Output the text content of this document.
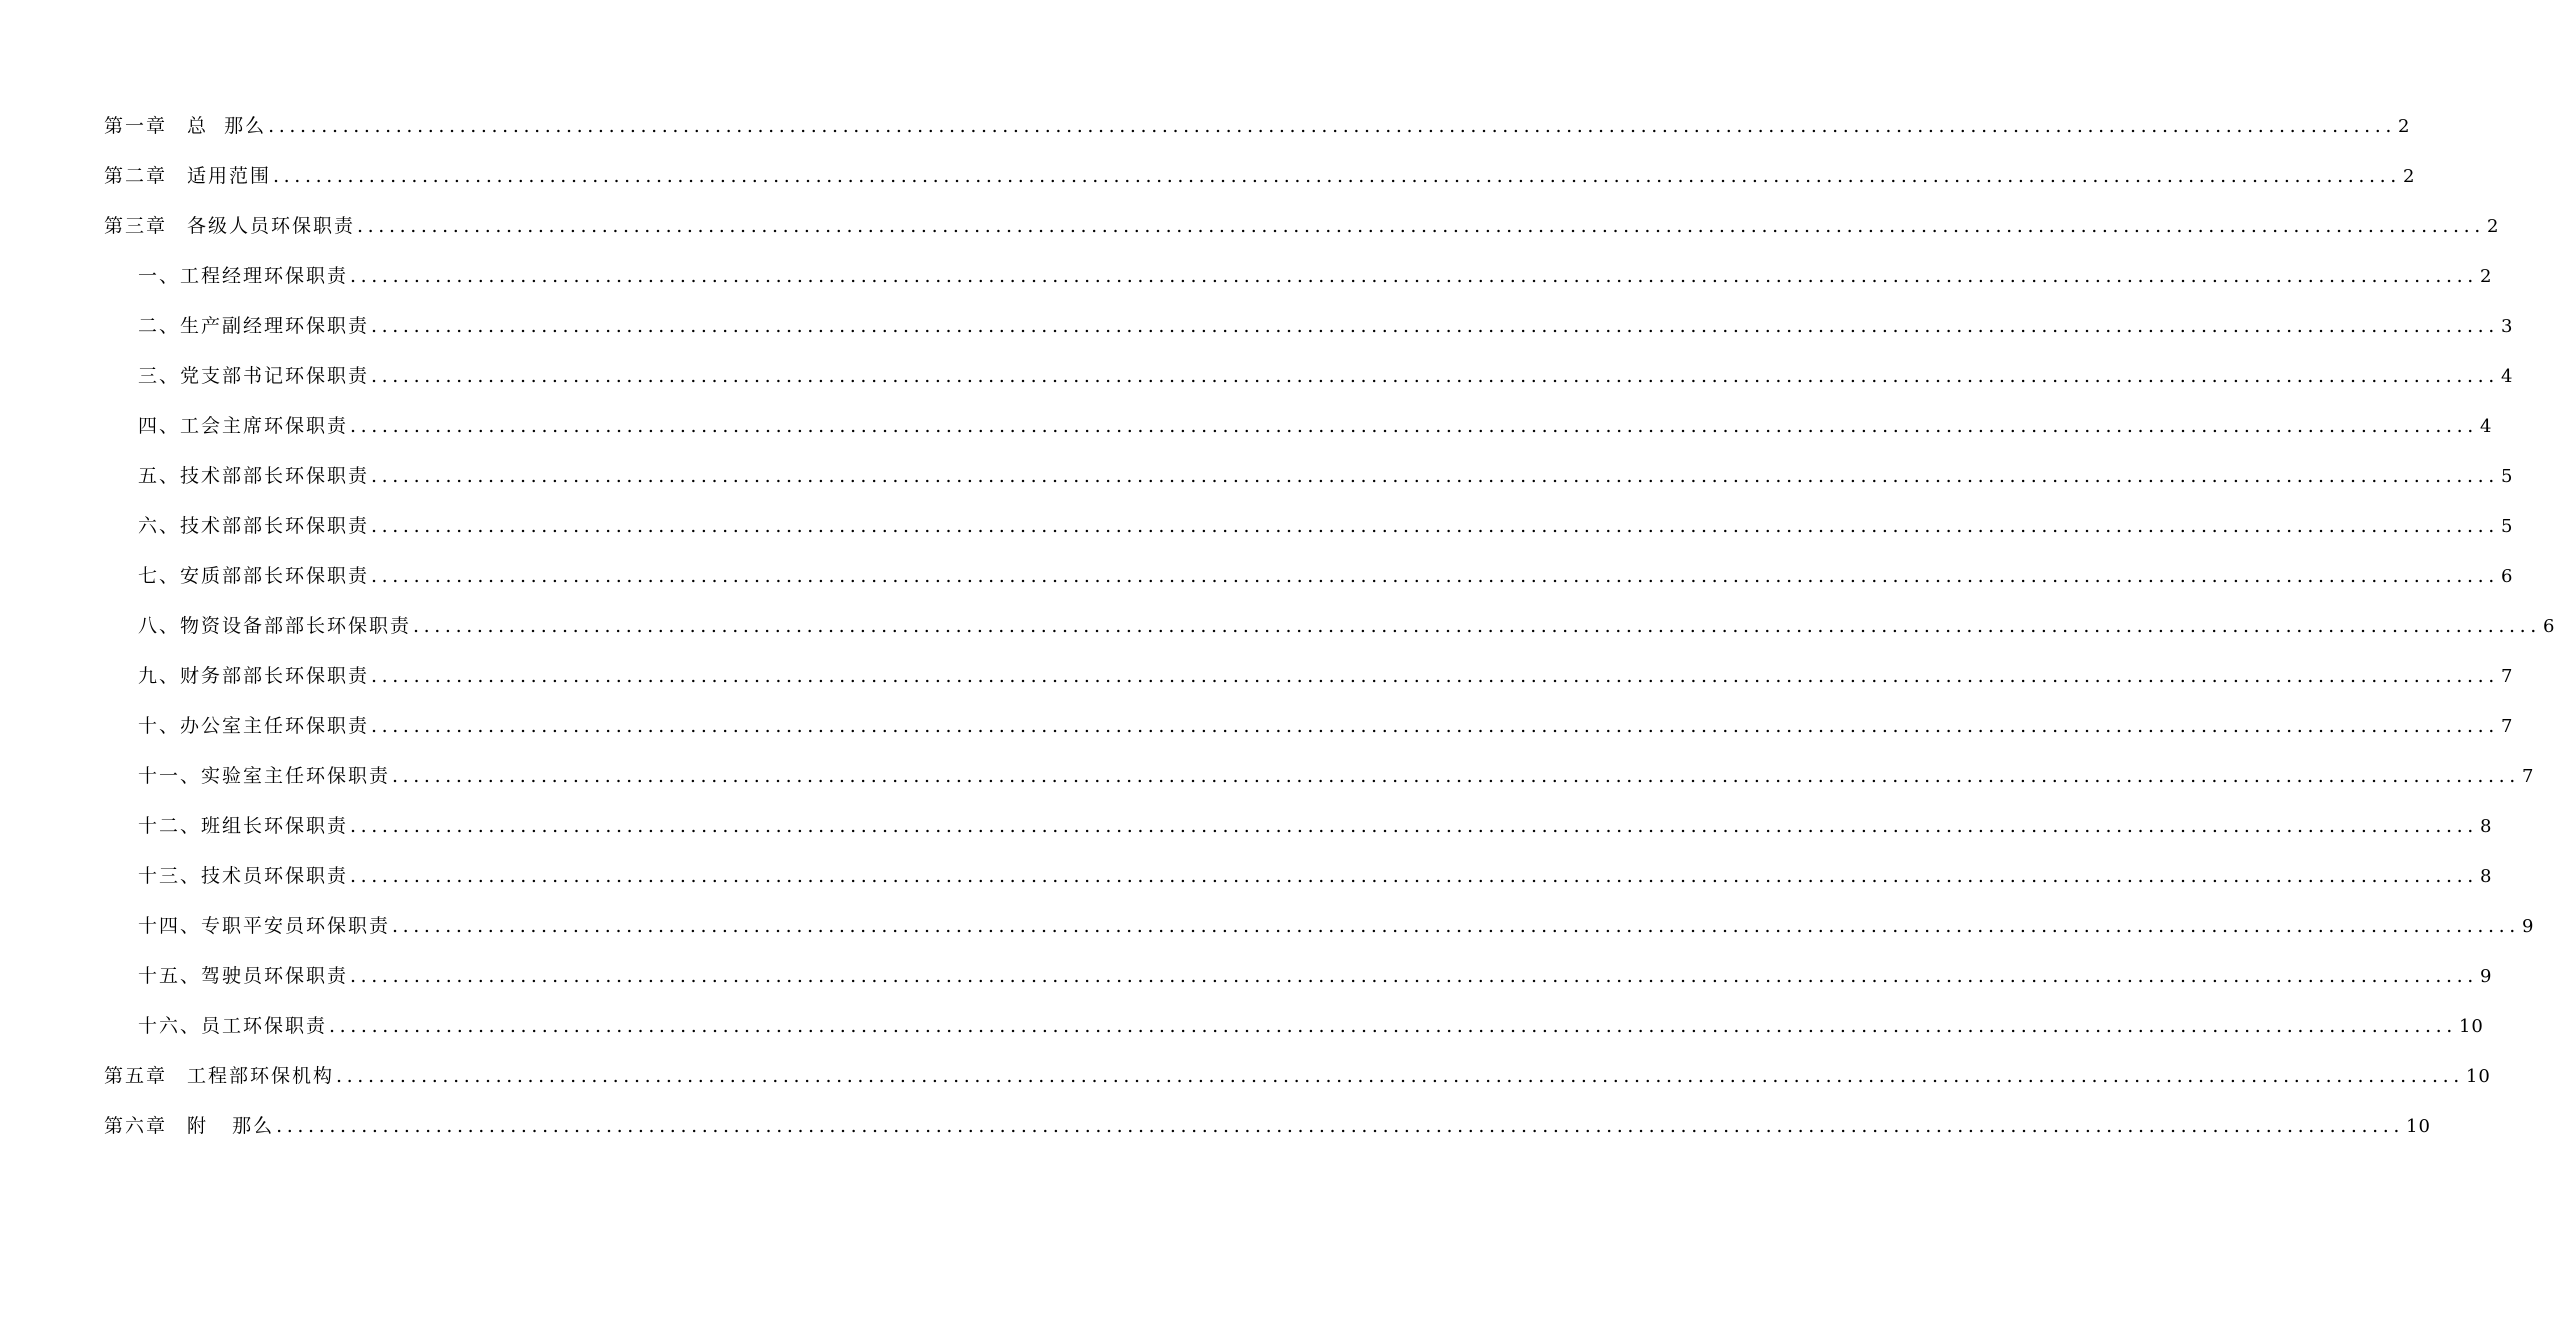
第一章	总  那么 ........................................................................................................................................................................................................ 2
第二章	适用范围 ........................................................................................................................................................................................................ 2
第三章	各级人员环保职责 ........................................................................................................................................................................................................ 2
一、工程经理环保职责 ........................................................................................................................................................................................................ 2
二、生产副经理环保职责 ........................................................................................................................................................................................................ 3
三、党支部书记环保职责 ........................................................................................................................................................................................................ 4
四、工会主席环保职责 ........................................................................................................................................................................................................ 4
五、技术部部长环保职责 ........................................................................................................................................................................................................ 5
六、技术部部长环保职责 ........................................................................................................................................................................................................ 5
七、安质部部长环保职责 ........................................................................................................................................................................................................ 6
八、物资设备部部长环保职责 ........................................................................................................................................................................................................ 6
九、财务部部长环保职责 ........................................................................................................................................................................................................ 7
十、办公室主任环保职责 ........................................................................................................................................................................................................ 7
十一、实验室主任环保职责 ........................................................................................................................................................................................................ 7
十二、班组长环保职责 ........................................................................................................................................................................................................ 8
十三、技术员环保职责 ........................................................................................................................................................................................................ 8
十四、专职平安员环保职责 ........................................................................................................................................................................................................ 9
十五、驾驶员环保职责 ........................................................................................................................................................................................................ 9
十六、员工环保职责 ........................................................................................................................................................................................................ 10
第五章	工程部环保机构 ........................................................................................................................................................................................................ 10
第六章	附   那么 ........................................................................................................................................................................................................ 10
